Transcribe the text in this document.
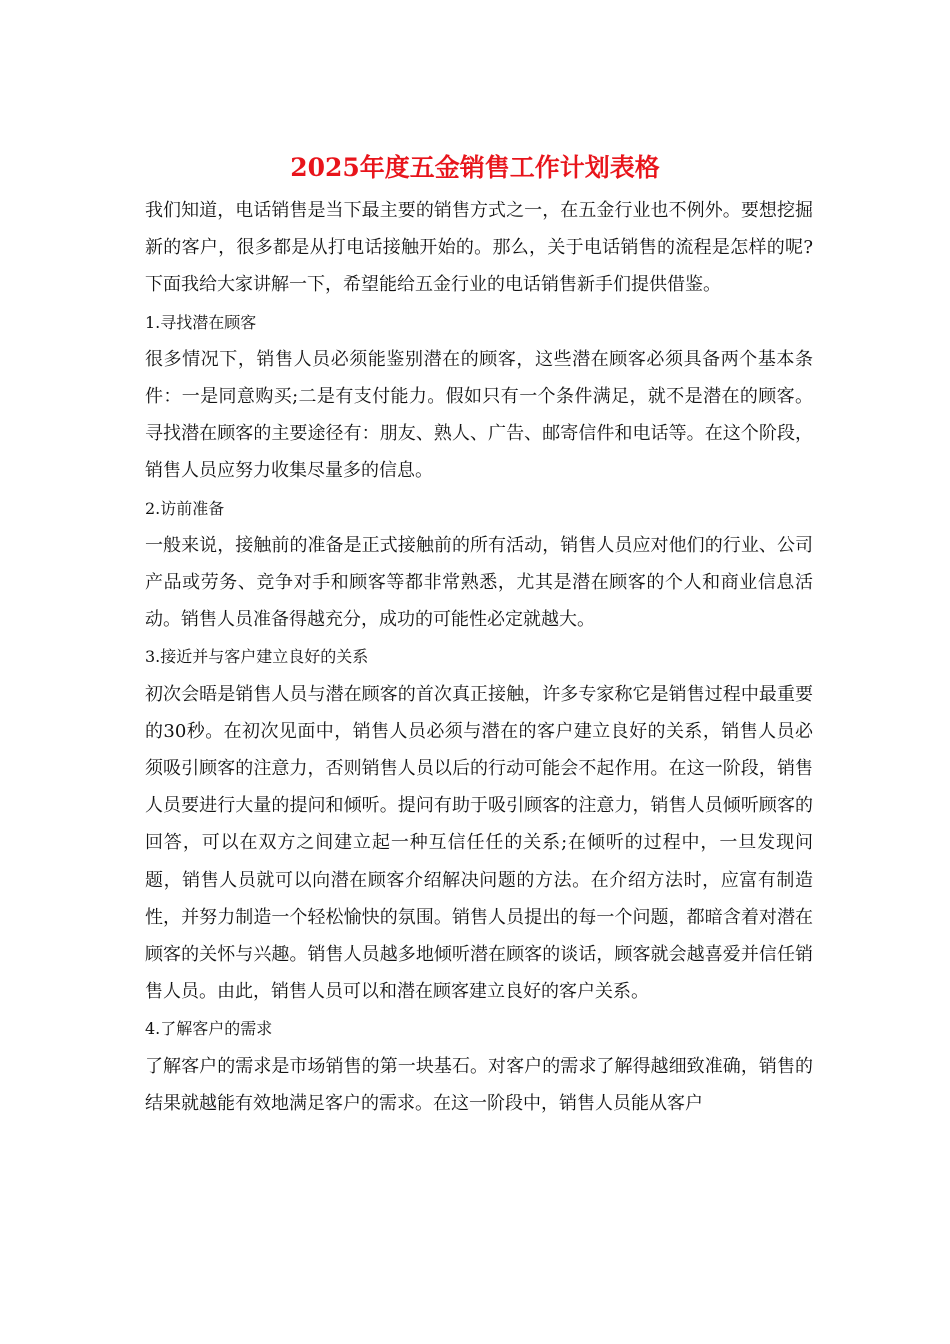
2025年度五金销售工作计划表格

我们知道，电话销售是当下最主要的销售方式之一，在五金行业也不例外。要想挖掘新的客户，很多都是从打电话接触开始的。那么，关于电话销售的流程是怎样的呢?下面我给大家讲解一下，希望能给五金行业的电话销售新手们提供借鉴。

1.寻找潜在顾客

很多情况下，销售人员必须能鉴别潜在的顾客，这些潜在顾客必须具备两个基本条件：一是同意购买;二是有支付能力。假如只有一个条件满足，就不是潜在的顾客。寻找潜在顾客的主要途径有：朋友、熟人、广告、邮寄信件和电话等。在这个阶段，销售人员应努力收集尽量多的信息。

2.访前准备

一般来说，接触前的准备是正式接触前的所有活动，销售人员应对他们的行业、公司产品或劳务、竞争对手和顾客等都非常熟悉，尤其是潜在顾客的个人和商业信息活动。销售人员准备得越充分，成功的可能性必定就越大。

3.接近并与客户建立良好的关系

初次会晤是销售人员与潜在顾客的首次真正接触，许多专家称它是销售过程中最重要的30秒。在初次见面中，销售人员必须与潜在的客户建立良好的关系，销售人员必须吸引顾客的注意力，否则销售人员以后的行动可能会不起作用。在这一阶段，销售人员要进行大量的提问和倾听。提问有助于吸引顾客的注意力，销售人员倾听顾客的回答，可以在双方之间建立起一种互信任任的关系;在倾听的过程中，一旦发现问题，销售人员就可以向潜在顾客介绍解决问题的方法。在介绍方法时，应富有制造性，并努力制造一个轻松愉快的氛围。销售人员提出的每一个问题，都暗含着对潜在顾客的关怀与兴趣。销售人员越多地倾听潜在顾客的谈话，顾客就会越喜爱并信任销售人员。由此，销售人员可以和潜在顾客建立良好的客户关系。

4.了解客户的需求

了解客户的需求是市场销售的第一块基石。对客户的需求了解得越细致准确，销售的结果就越能有效地满足客户的需求。在这一阶段中，销售人员能从客户
